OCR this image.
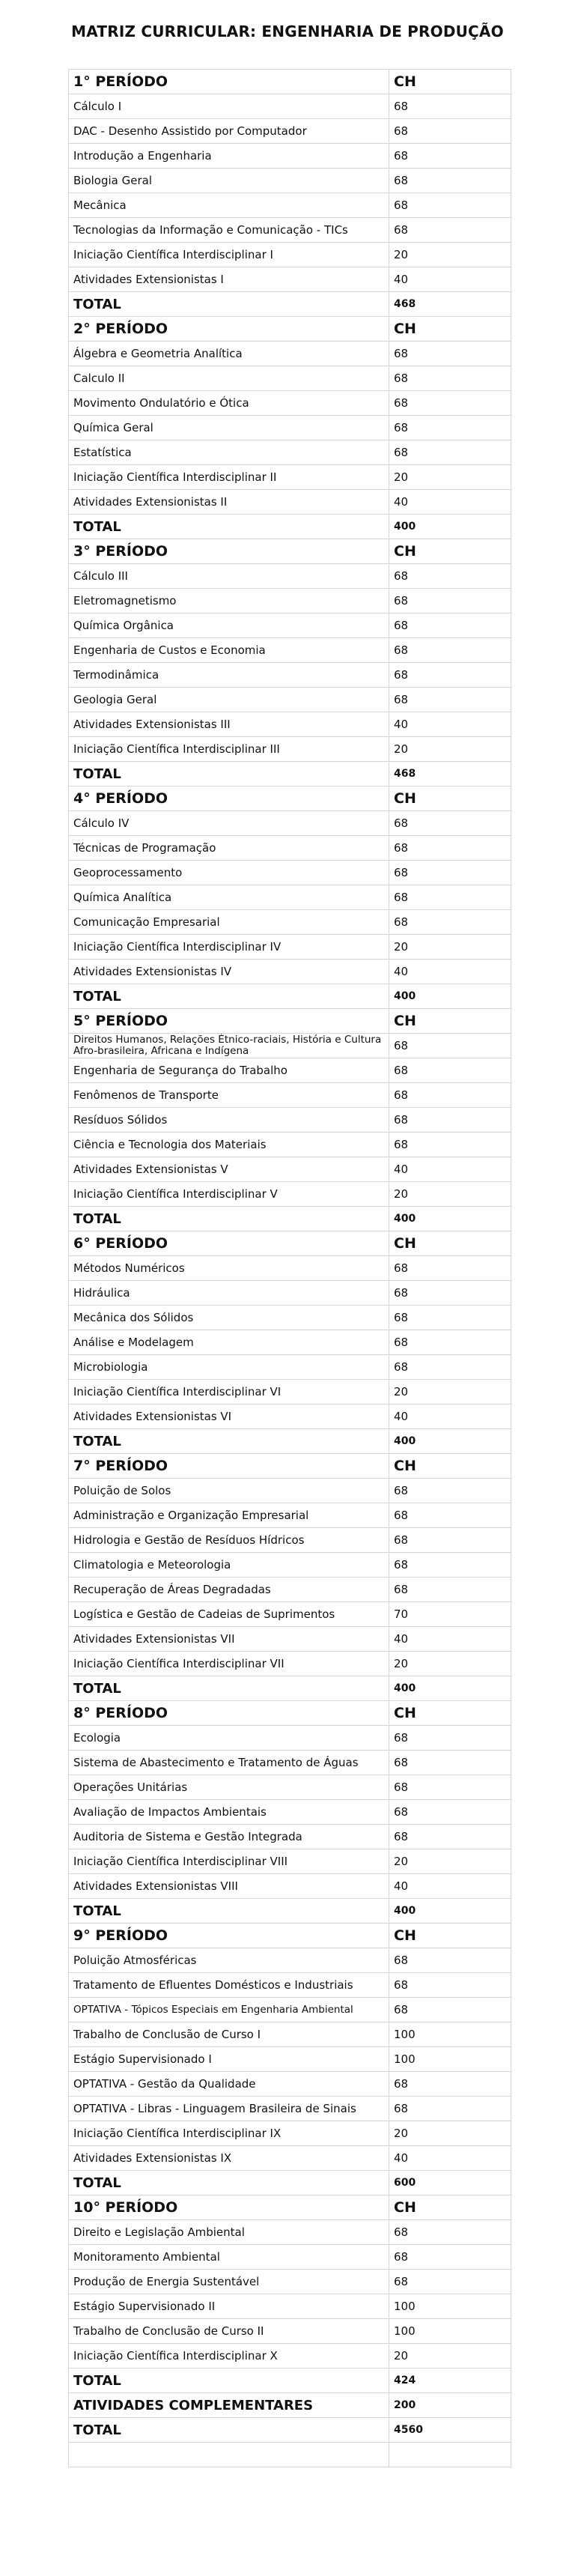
MATRIZ CURRICULAR: ENGENHARIA DE PRODUÇÃO
1° PERÍODO	CH
Cálculo I	68
DAC - Desenho Assistido por Computador	68
Introdução a Engenharia	68
Biologia Geral	68
Mecânica	68
Tecnologias da Informação e Comunicação - TICs	68
Iniciação Científica Interdisciplinar I	20
Atividades Extensionistas I	40
TOTAL	468
2° PERÍODO	CH
Álgebra e Geometria Analítica	68
Calculo II	68
Movimento Ondulatório e Ótica	68
Química Geral	68
Estatística	68
Iniciação Científica Interdisciplinar II	20
Atividades Extensionistas II	40
TOTAL	400
3° PERÍODO	CH
Cálculo III	68
Eletromagnetismo	68
Química Orgânica	68
Engenharia de Custos e Economia	68
Termodinâmica	68
Geologia Geral	68
Atividades Extensionistas III	40
Iniciação Científica Interdisciplinar III	20
TOTAL	468
4° PERÍODO	CH
Cálculo IV	68
Técnicas de Programação	68
Geoprocessamento	68
Química Analítica	68
Comunicação Empresarial	68
Iniciação Científica Interdisciplinar IV	20
Atividades Extensionistas IV	40
TOTAL	400
5° PERÍODO	CH
Direitos Humanos, Relações Étnico-raciais, História e Cultura Afro-brasileira, Africana e Indígena	68
Engenharia de Segurança do Trabalho	68
Fenômenos de Transporte	68
Resíduos Sólidos	68
Ciência e Tecnologia dos Materiais	68
Atividades Extensionistas V	40
Iniciação Científica Interdisciplinar V	20
TOTAL	400
6° PERÍODO	CH
Métodos Numéricos	68
Hidráulica	68
Mecânica dos Sólidos	68
Análise e Modelagem	68
Microbiologia	68
Iniciação Científica Interdisciplinar VI	20
Atividades Extensionistas VI	40
TOTAL	400
7° PERÍODO	CH
Poluição de Solos	68
Administração e Organização Empresarial	68
Hidrologia e Gestão de Resíduos Hídricos	68
Climatologia e Meteorologia	68
Recuperação de Áreas Degradadas	68
Logística e Gestão de Cadeias de Suprimentos	70
Atividades Extensionistas VII	40
Iniciação Científica Interdisciplinar VII	20
TOTAL	400
8° PERÍODO	CH
Ecologia	68
Sistema de Abastecimento e Tratamento de Águas	68
Operações Unitárias	68
Avaliação de Impactos Ambientais	68
Auditoria de Sistema e Gestão Integrada	68
Iniciação Científica Interdisciplinar VIII	20
Atividades Extensionistas VIII	40
TOTAL	400
9° PERÍODO	CH
Poluição Atmosféricas	68
Tratamento de Efluentes Domésticos e Industriais	68
OPTATIVA - Tópicos Especiais em Engenharia Ambiental	68
Trabalho de Conclusão de Curso I	100
Estágio Supervisionado I	100
OPTATIVA - Gestão da Qualidade	68
OPTATIVA - Libras - Linguagem Brasileira de Sinais	68
Iniciação Científica Interdisciplinar IX	20
Atividades Extensionistas IX	40
TOTAL	600
10° PERÍODO	CH
Direito e Legislação Ambiental	68
Monitoramento Ambiental	68
Produção de Energia Sustentável	68
Estágio Supervisionado II	100
Trabalho de Conclusão de Curso II	100
Iniciação Científica Interdisciplinar X	20
TOTAL	424
ATIVIDADES COMPLEMENTARES	200
TOTAL	4560
